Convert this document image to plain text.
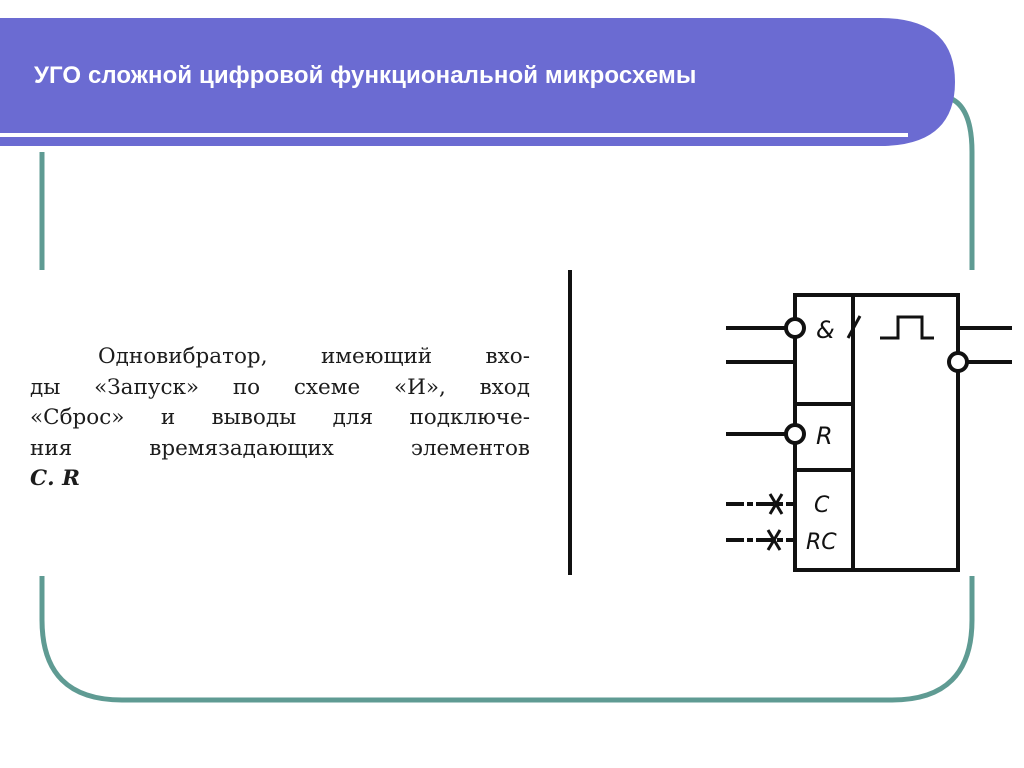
УГО сложной цифровой функциональной микросхемы
Одновибратор, имеющий вхо-
ды «Запуск» по схеме «И», вход
«Сброс» и выводы для подключе-
ния времязадающих элементов
С. R
&
R
C
RC
